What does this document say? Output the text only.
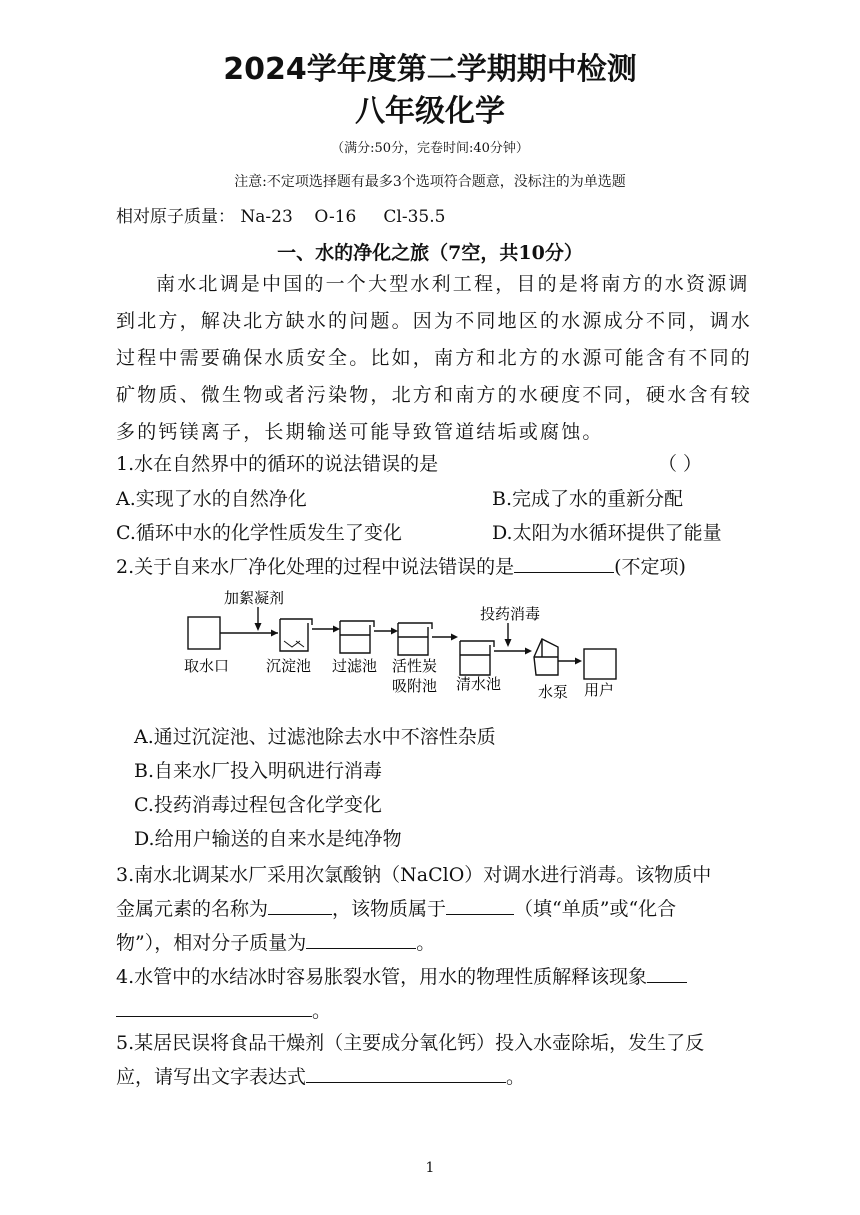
2024学年度第二学期期中检测
八年级化学
（满分:50分，完卷时间:40分钟）
注意:不定项选择题有最多3个选项符合题意，没标注的为单选题
相对原子质量： Na-23 O-16 Cl-35.5
一、水的净化之旅（7空，共10分）
南水北调是中国的一个大型水利工程，目的是将南方的水资源调到北方，解决北方缺水的问题。因为不同地区的水源成分不同，调水过程中需要确保水质安全。比如，南方和北方的水源可能含有不同的矿物质、微生物或者污染物，北方和南方的水硬度不同，硬水含有较多的钙镁离子，长期输送可能导致管道结垢或腐蚀。
1.水在自然界中的循环的说法错误的是	（ ）
A.实现了水的自然净化	B.完成了水的重新分配
C.循环中水的化学性质发生了变化	D.太阳为水循环提供了能量
2.关于自来水厂净化处理的过程中说法错误的是	(不定项)
加絮凝剂
投药消毒
取水口 沉淀池 过滤池 活性炭
吸附池 清水池 水泵 用户
A.通过沉淀池、过滤池除去水中不溶性杂质
B.自来水厂投入明矾进行消毒
C.投药消毒过程包含化学变化
D.给用户输送的自来水是纯净物
3.南水北调某水厂采用次氯酸钠（NaClO）对调水进行消毒。该物质中
金属元素的名称为	，该物质属于	（填“单质”或“化合
物”），相对分子质量为	。
4.水管中的水结冰时容易胀裂水管，用水的物理性质解释该现象
。
5.某居民误将食品干燥剂（主要成分氧化钙）投入水壶除垢，发生了反
应，请写出文字表达式	。
1
